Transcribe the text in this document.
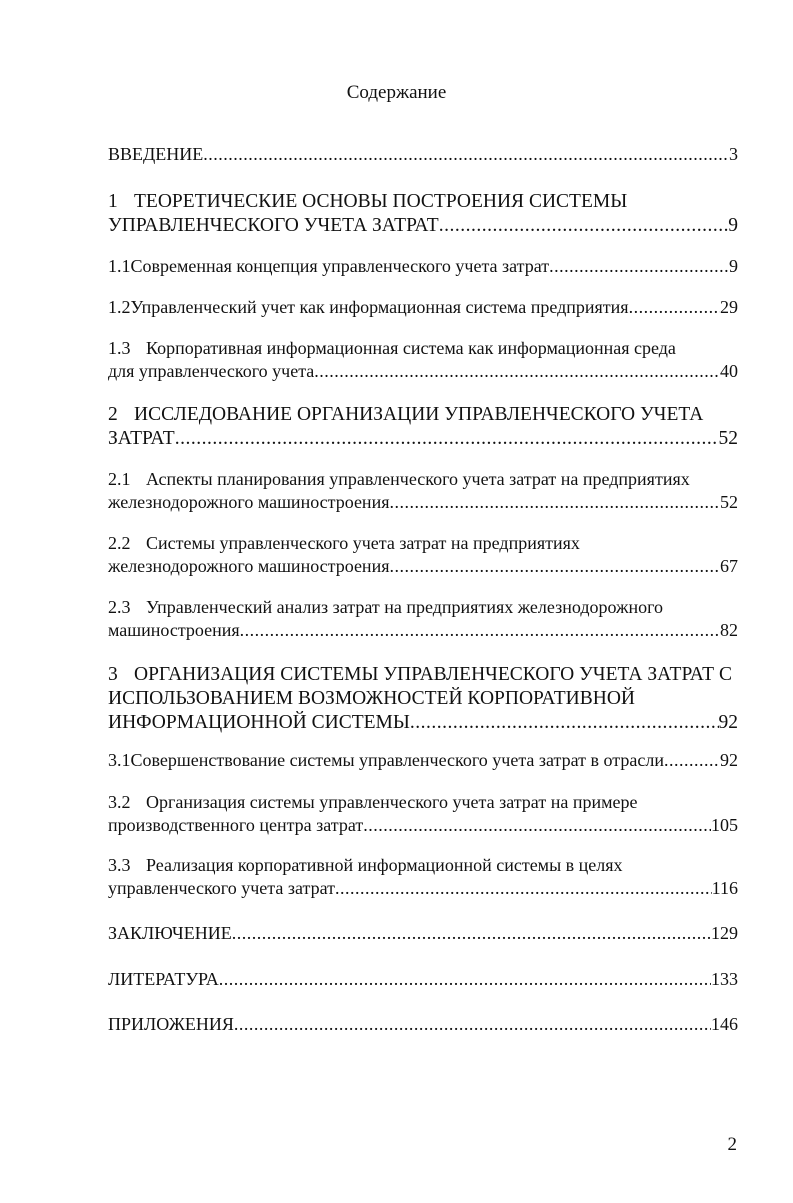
Содержание
ВВЕДЕНИЕ .....	3
1 ТЕОРЕТИЧЕСКИЕ ОСНОВЫ ПОСТРОЕНИЯ СИСТЕМЫ
УПРАВЛЕНЧЕСКОГО УЧЕТА ЗАТРАТ .....	9
1.1 Современная концепция управленческого учета затрат .....	9
1.2 Управленческий учет как информационная система предприятия .....	29
1.3 Корпоративная информационная система как информационная среда
для управленческого учета .....	40
2 ИССЛЕДОВАНИЕ ОРГАНИЗАЦИИ УПРАВЛЕНЧЕСКОГО УЧЕТА
ЗАТРАТ .....	52
2.1 Аспекты планирования управленческого учета затрат на предприятиях
железнодорожного машиностроения .....	52
2.2 Системы управленческого учета затрат на предприятиях
железнодорожного машиностроения .....	67
2.3 Управленческий анализ затрат на предприятиях железнодорожного
машиностроения .....	82
3 ОРГАНИЗАЦИЯ СИСТЕМЫ УПРАВЛЕНЧЕСКОГО УЧЕТА ЗАТРАТ С
ИСПОЛЬЗОВАНИЕМ ВОЗМОЖНОСТЕЙ КОРПОРАТИВНОЙ
ИНФОРМАЦИОННОЙ СИСТЕМЫ .....	92
3.1 Совершенствование системы управленческого учета затрат в отрасли .....	92
3.2 Организация системы управленческого учета затрат на примере
производственного центра затрат .....	105
3.3 Реализация корпоративной информационной системы в целях
управленческого учета затрат .....	116
ЗАКЛЮЧЕНИЕ .....	129
ЛИТЕРАТУРА .....	133
ПРИЛОЖЕНИЯ .....	146
2
